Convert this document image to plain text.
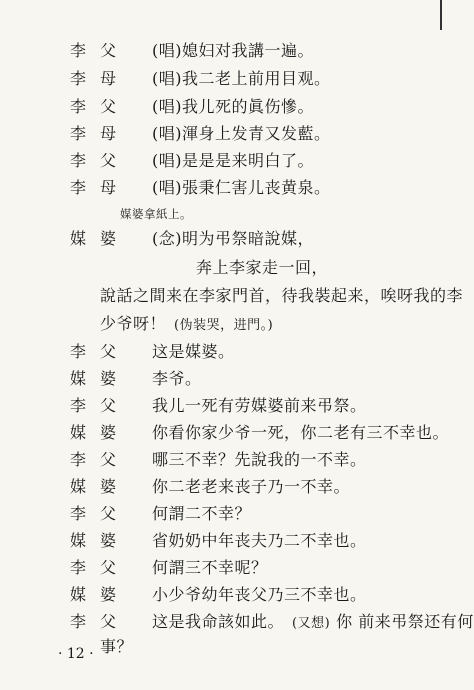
李 父 (唱)媳妇对我講一遍。
李 母 (唱)我二老上前用目观。
李 父 (唱)我儿死的眞伤慘。
李 母 (唱)渾身上发青又发藍。
李 父 (唱)是是是来明白了。
李 母 (唱)張秉仁害儿丧黄泉。
媒婆拿紙上。
媒 婆 (念)明为弔祭暗說媒，
奔上李家走一回，
說話之間来在李家門首，待我裝起来，唉呀我的李
少爷呀！ (伪装哭，进門。)
李 父 这是媒婆。
媒 婆 李爷。
李 父 我儿一死有劳媒婆前来弔祭。
媒 婆 你看你家少爷一死，你二老有三不幸也。
李 父 哪三不幸？先說我的一不幸。
媒 婆 你二老老来丧子乃一不幸。
李 父 何謂二不幸？
媒 婆 省奶奶中年丧夫乃二不幸也。
李 父 何謂三不幸呢？
媒 婆 小少爷幼年丧父乃三不幸也。
李 父 这是我命該如此。 (又想) 你 前来弔祭还有何
事？
· 12 ·
